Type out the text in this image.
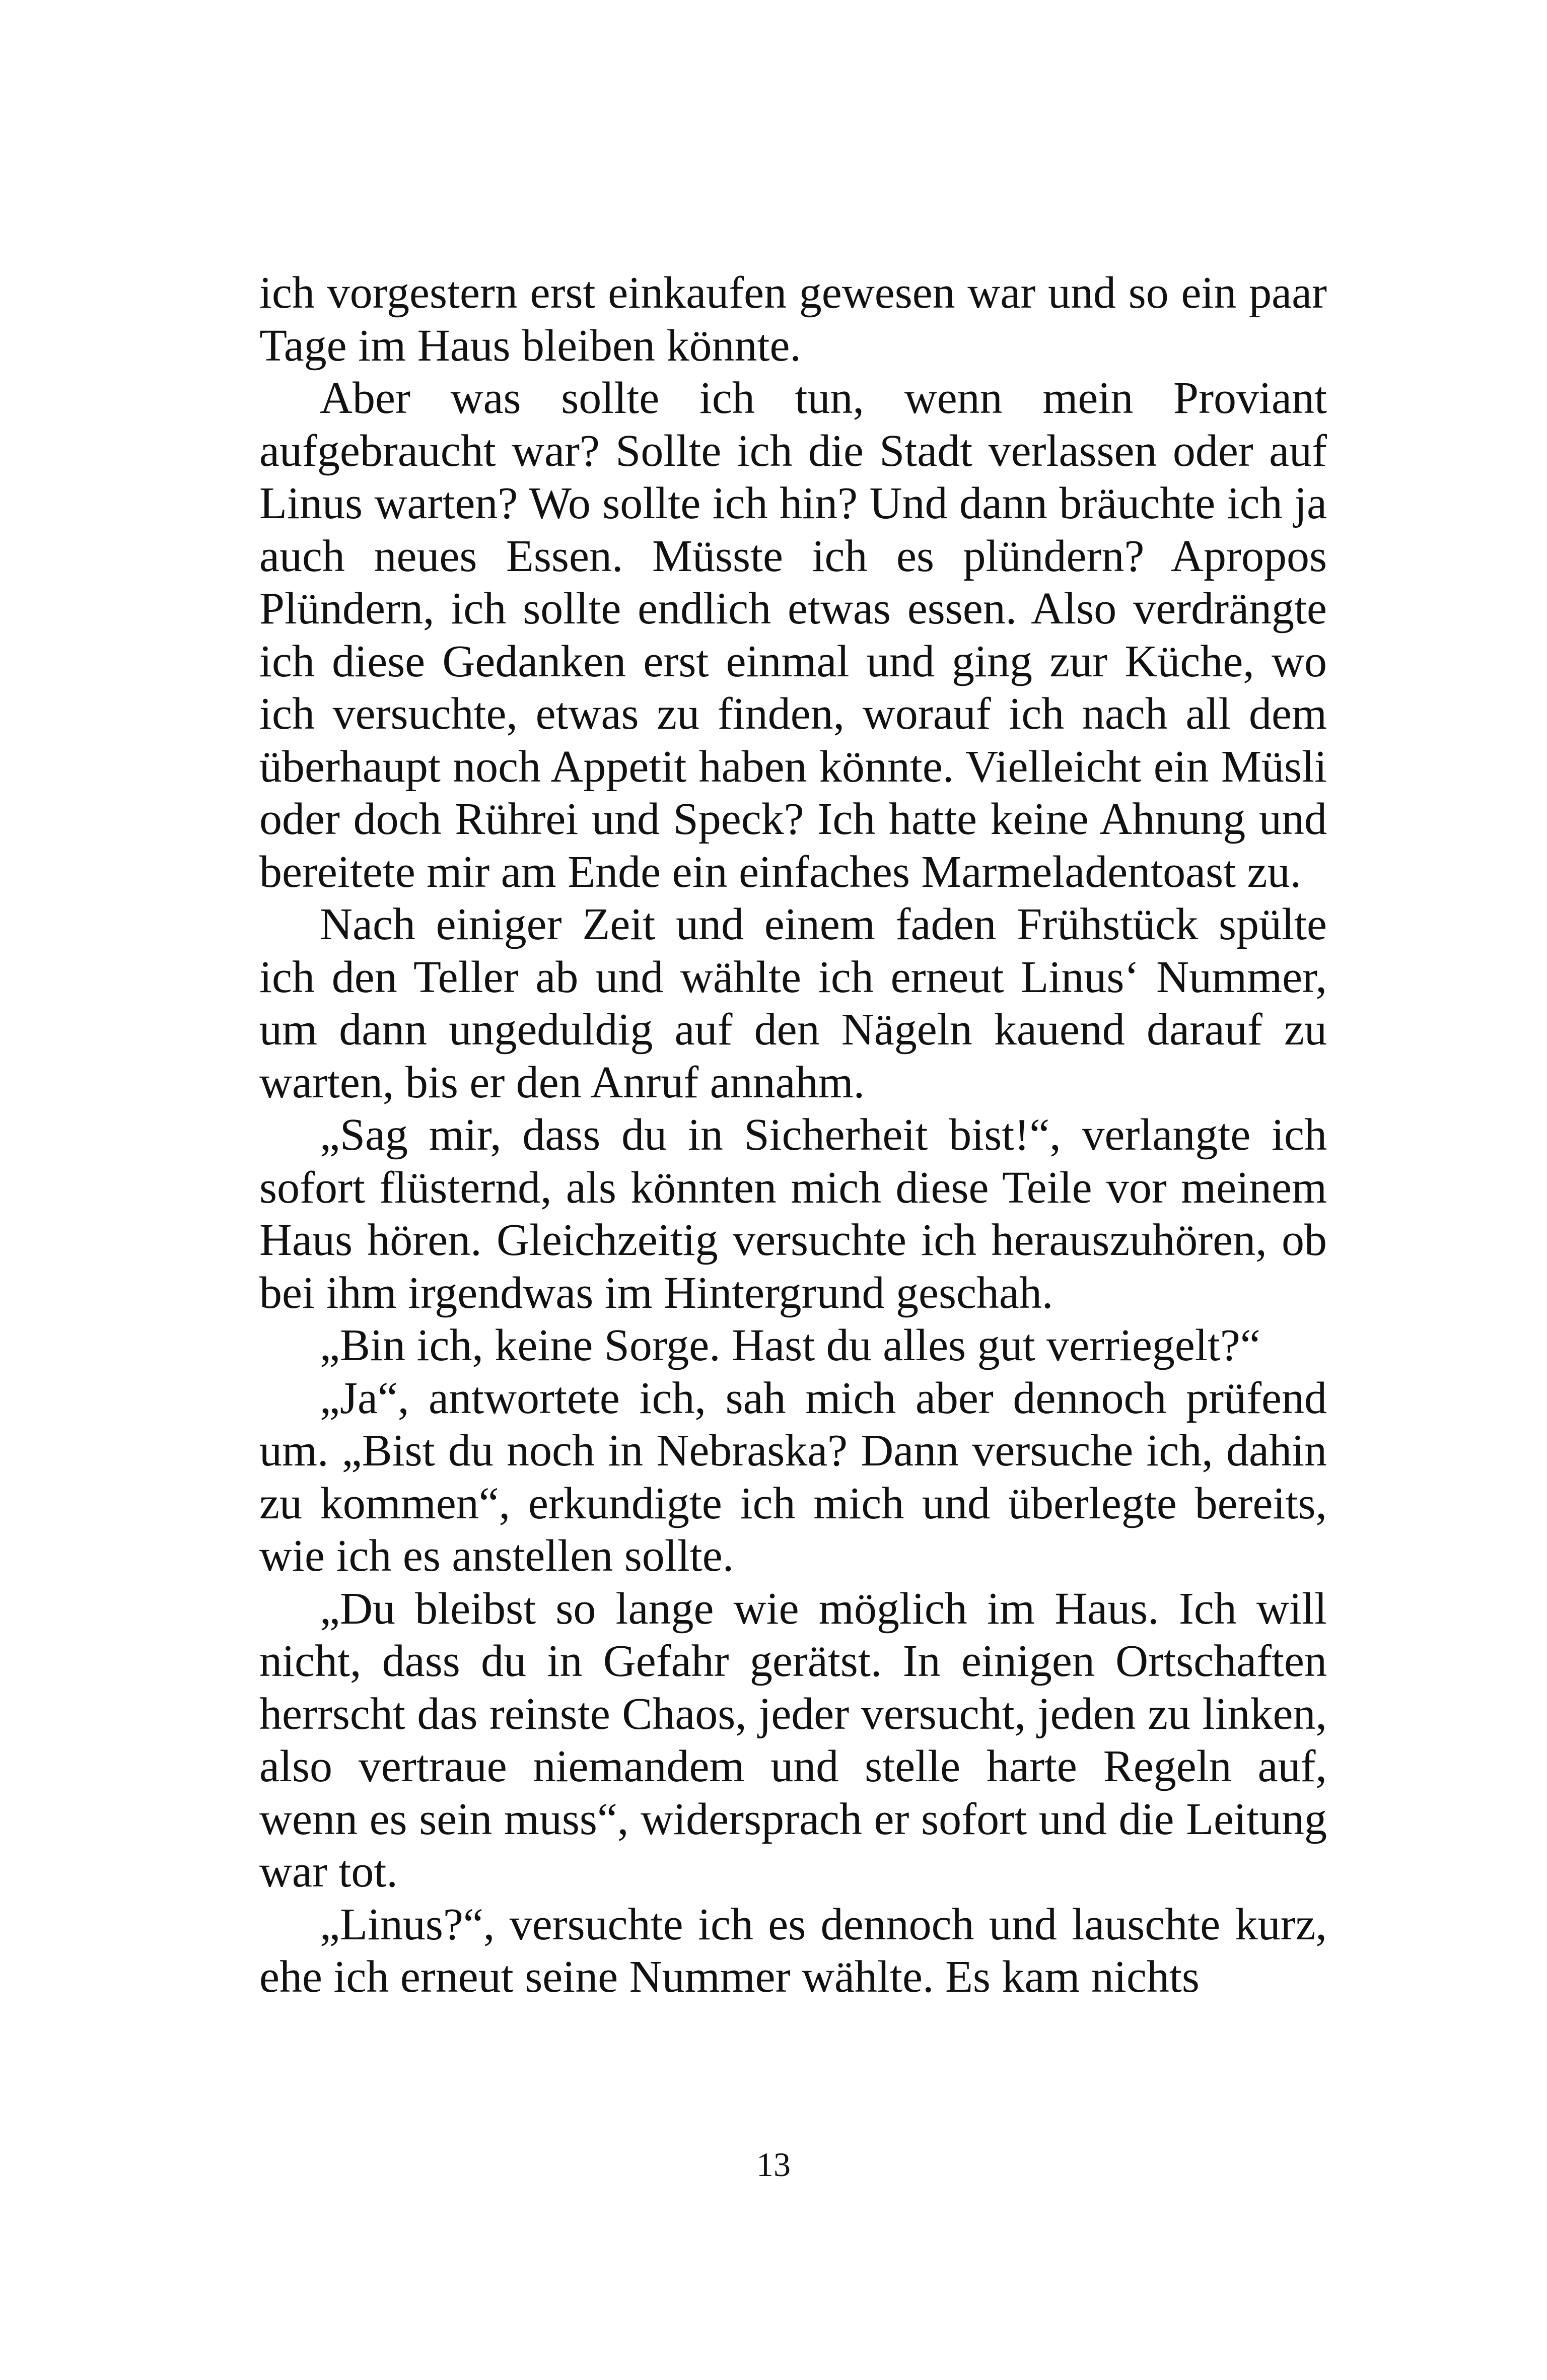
ich vorgestern erst einkaufen gewesen war und so ein paar Tage im Haus bleiben könnte.

Aber was sollte ich tun, wenn mein Proviant aufgebraucht war? Sollte ich die Stadt verlassen oder auf Linus warten? Wo sollte ich hin? Und dann bräuchte ich ja auch neues Essen. Müsste ich es plündern? Apropos Plündern, ich sollte endlich etwas essen. Also verdrängte ich diese Gedanken erst einmal und ging zur Küche, wo ich versuchte, etwas zu finden, worauf ich nach all dem überhaupt noch Appetit haben könnte. Vielleicht ein Müsli oder doch Rührei und Speck? Ich hatte keine Ahnung und bereitete mir am Ende ein einfaches Marmeladentoast zu.

Nach einiger Zeit und einem faden Frühstück spülte ich den Teller ab und wählte ich erneut Linus‘ Nummer, um dann ungeduldig auf den Nägeln kauend darauf zu warten, bis er den Anruf annahm.

„Sag mir, dass du in Sicherheit bist!“, verlangte ich sofort flüsternd, als könnten mich diese Teile vor meinem Haus hören. Gleichzeitig versuchte ich herauszuhören, ob bei ihm irgendwas im Hintergrund geschah.

„Bin ich, keine Sorge. Hast du alles gut verriegelt?“

„Ja“, antwortete ich, sah mich aber dennoch prüfend um. „Bist du noch in Nebraska? Dann versuche ich, dahin zu kommen“, erkundigte ich mich und überlegte bereits, wie ich es anstellen sollte.

„Du bleibst so lange wie möglich im Haus. Ich will nicht, dass du in Gefahr gerätst. In einigen Ortschaften herrscht das reinste Chaos, jeder versucht, jeden zu linken, also vertraue niemandem und stelle harte Regeln auf, wenn es sein muss“, widersprach er sofort und die Leitung war tot.

„Linus?“, versuchte ich es dennoch und lauschte kurz, ehe ich erneut seine Nummer wählte. Es kam nichts

13
